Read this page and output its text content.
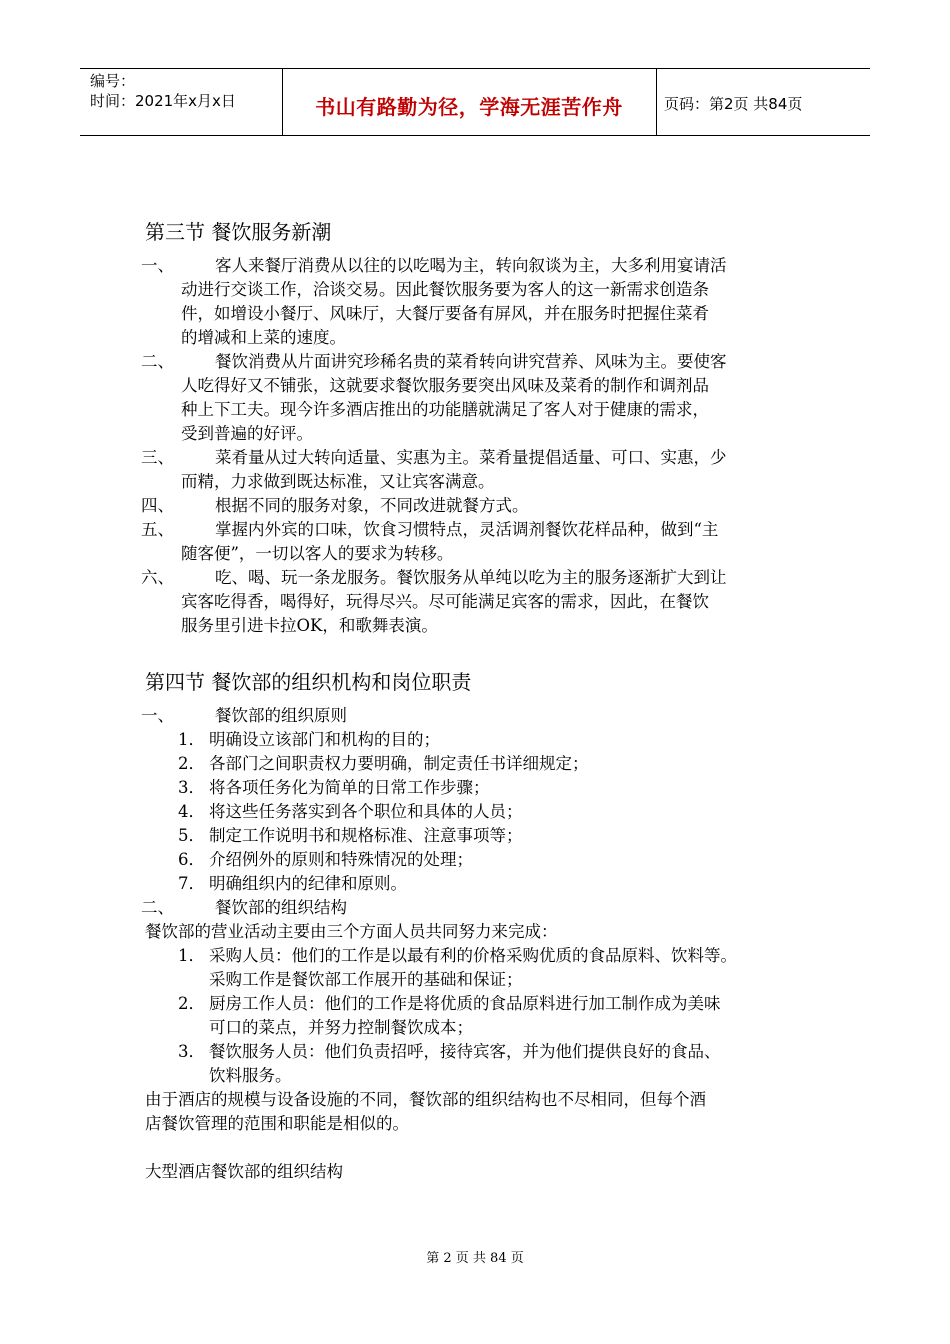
编号：
时间：2021年x月x日	书山有路勤为径，学海无涯苦作舟	页码：第2页 共84页

第三节 餐饮服务新潮

一、 客人来餐厅消费从以往的以吃喝为主，转向叙谈为主，大多利用宴请活

动进行交谈工作，洽谈交易。因此餐饮服务要为客人的这一新需求创造条

件，如增设小餐厅、风味厅，大餐厅要备有屏风，并在服务时把握住菜肴

的增减和上菜的速度。

二、 餐饮消费从片面讲究珍稀名贵的菜肴转向讲究营养、风味为主。要使客

人吃得好又不铺张，这就要求餐饮服务要突出风味及菜肴的制作和调剂品

种上下工夫。现今许多酒店推出的功能膳就满足了客人对于健康的需求，

受到普遍的好评。

三、 菜肴量从过大转向适量、实惠为主。菜肴量提倡适量、可口、实惠，少

而精，力求做到既达标准，又让宾客满意。

四、 根据不同的服务对象，不同改进就餐方式。

五、 掌握内外宾的口味，饮食习惯特点，灵活调剂餐饮花样品种，做到“主

随客便”，一切以客人的要求为转移。

六、 吃、喝、玩一条龙服务。餐饮服务从单纯以吃为主的服务逐渐扩大到让

宾客吃得香，喝得好，玩得尽兴。尽可能满足宾客的需求，因此，在餐饮

服务里引进卡拉OK，和歌舞表演。

第四节 餐饮部的组织机构和岗位职责

一、 餐饮部的组织原则

1． 明确设立该部门和机构的目的；

2． 各部门之间职责权力要明确，制定责任书详细规定；

3． 将各项任务化为简单的日常工作步骤；

4． 将这些任务落实到各个职位和具体的人员；

5． 制定工作说明书和规格标准、注意事项等；

6． 介绍例外的原则和特殊情况的处理；

7． 明确组织内的纪律和原则。

二、 餐饮部的组织结构

餐饮部的营业活动主要由三个方面人员共同努力来完成：

1． 采购人员：他们的工作是以最有利的价格采购优质的食品原料、饮料等。

采购工作是餐饮部工作展开的基础和保证；

2． 厨房工作人员：他们的工作是将优质的食品原料进行加工制作成为美味

可口的菜点，并努力控制餐饮成本；

3． 餐饮服务人员：他们负责招呼，接待宾客，并为他们提供良好的食品、

饮料服务。

由于酒店的规模与设备设施的不同，餐饮部的组织结构也不尽相同，但每个酒

店餐饮管理的范围和职能是相似的。

大型酒店餐饮部的组织结构

第 2 页 共 84 页
